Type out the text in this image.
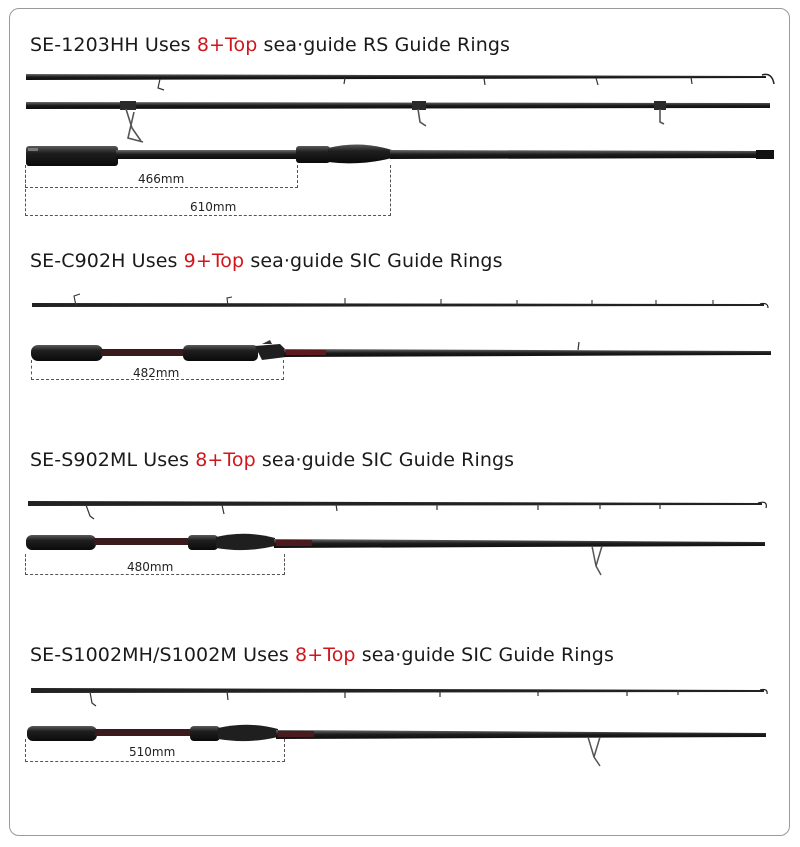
SE-1203HH Uses 8+Top sea·guide RS Guide Rings
SE-C902H Uses 9+Top sea·guide SIC Guide Rings
SE-S902ML Uses 8+Top sea·guide SIC Guide Rings
SE-S1002MH/S1002M Uses 8+Top sea·guide SIC Guide Rings
466mm
610mm
482mm
480mm
510mm
